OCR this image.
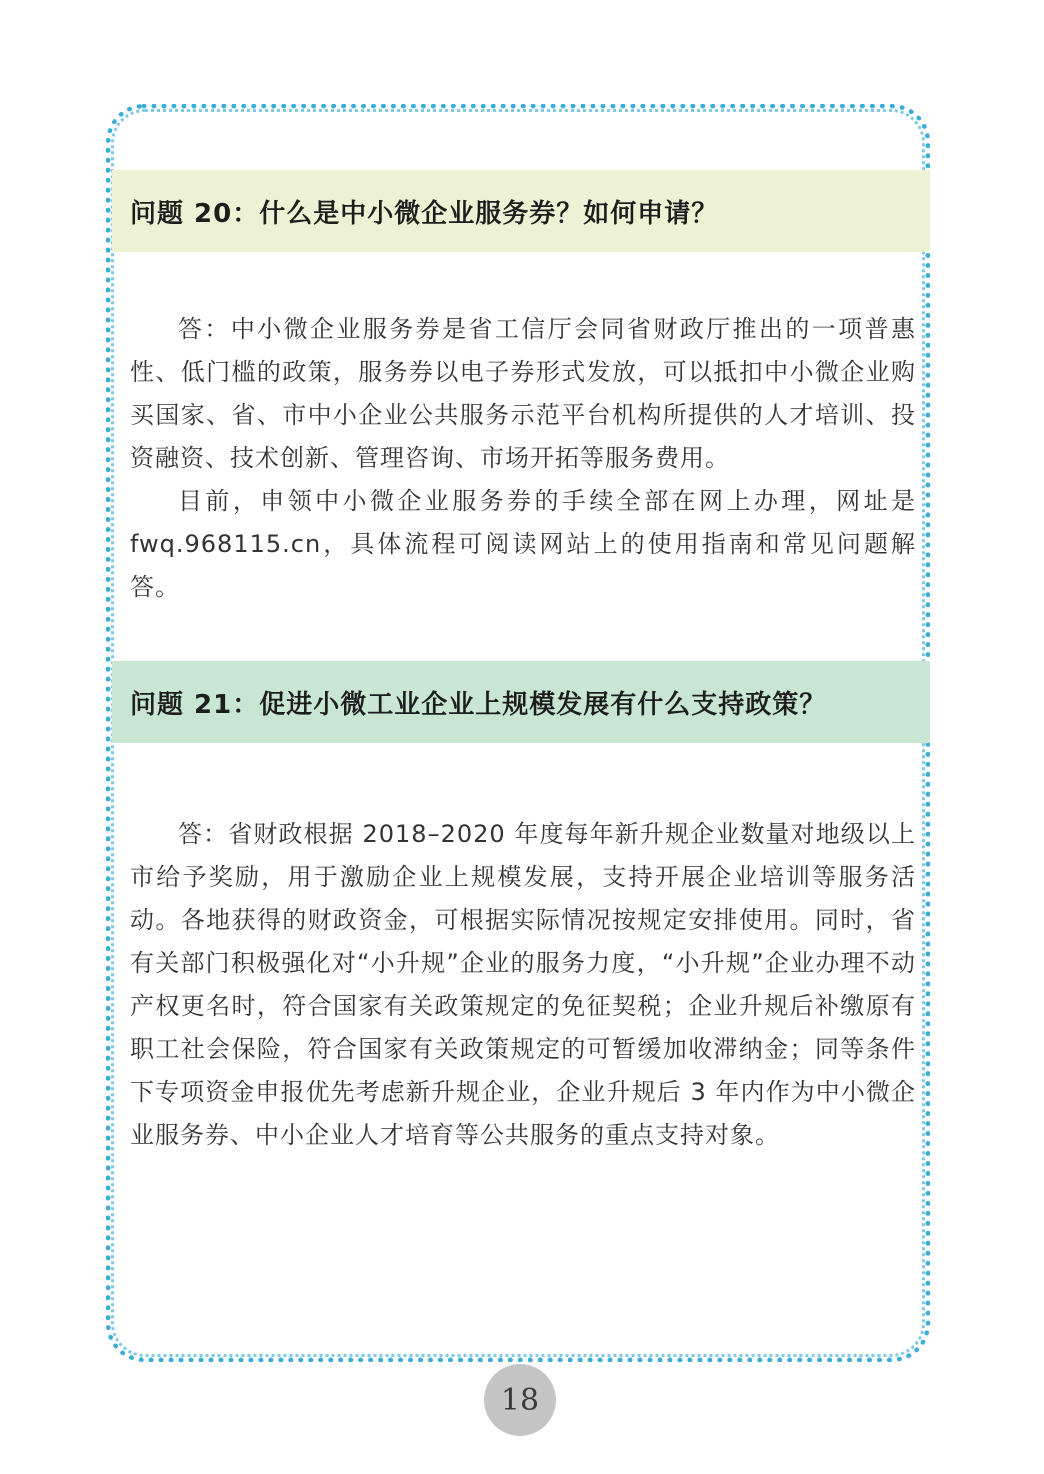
问题 20：什么是中小微企业服务券？如何申请？

答：中小微企业服务券是省工信厅会同省财政厅推出的一项普惠性、低门槛的政策，服务券以电子券形式发放，可以抵扣中小微企业购买国家、省、市中小企业公共服务示范平台机构所提供的人才培训、投资融资、技术创新、管理咨询、市场开拓等服务费用。

目前，申领中小微企业服务券的手续全部在网上办理，网址是 fwq.968115.cn，具体流程可阅读网站上的使用指南和常见问题解答。

问题 21：促进小微工业企业上规模发展有什么支持政策？

答：省财政根据 2018–2020 年度每年新升规企业数量对地级以上市给予奖励，用于激励企业上规模发展，支持开展企业培训等服务活动。各地获得的财政资金，可根据实际情况按规定安排使用。同时，省有关部门积极强化对“小升规”企业的服务力度，“小升规”企业办理不动产权更名时，符合国家有关政策规定的免征契税；企业升规后补缴原有职工社会保险，符合国家有关政策规定的可暂缓加收滞纳金；同等条件下专项资金申报优先考虑新升规企业，企业升规后 3 年内作为中小微企业服务券、中小企业人才培育等公共服务的重点支持对象。

18
